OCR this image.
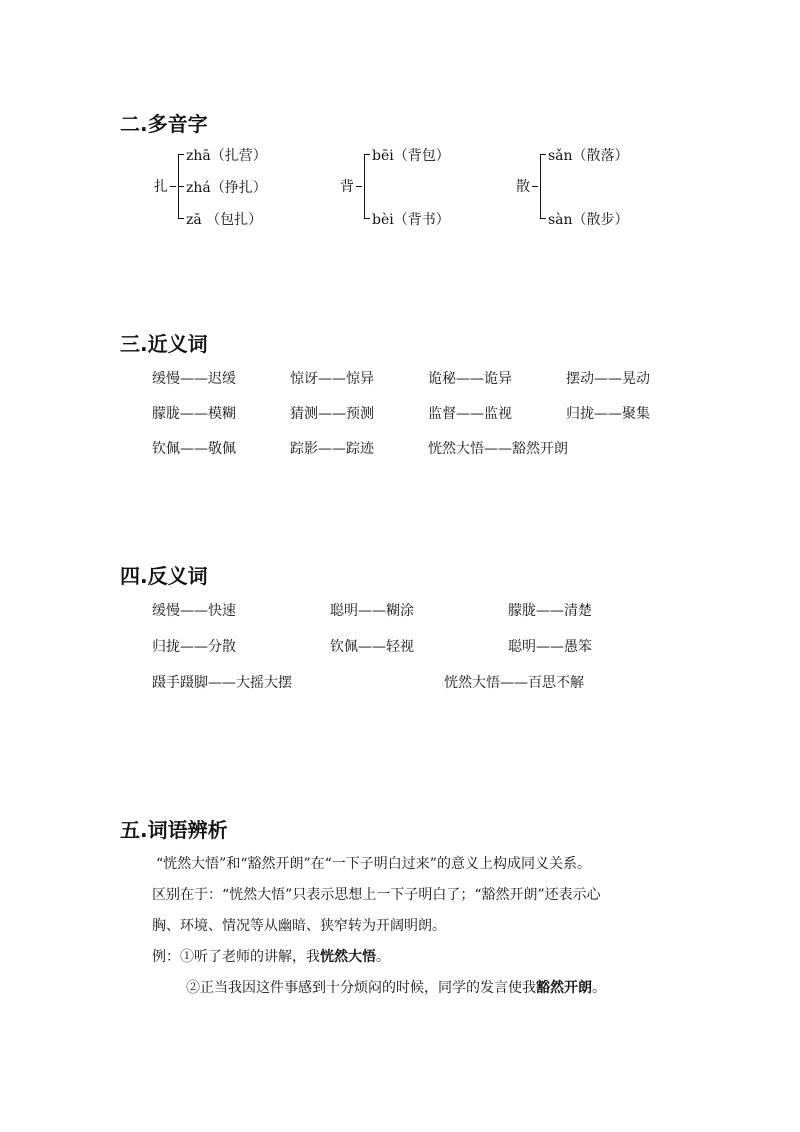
二.多音字
扎
zhā（扎营）
zhá（挣扎）
zā （包扎）
背
bēi（背包）
bèi（背书）
散
sǎn（散落）
sàn（散步）
三.近义词
缓慢——迟缓	惊讶——惊异	诡秘——诡异	摆动——晃动
朦胧——模糊	猜测——预测	监督——监视	归拢——聚集
钦佩——敬佩	踪影——踪迹	恍然大悟——豁然开朗
四.反义词
缓慢——快速	聪明——糊涂	朦胧——清楚
归拢——分散	钦佩——轻视	聪明——愚笨
蹑手蹑脚——大摇大摆	恍然大悟——百思不解
五.词语辨析
“恍然大悟”和“豁然开朗”在“一下子明白过来”的意义上构成同义关系。
区别在于：“恍然大悟”只表示思想上一下子明白了；“豁然开朗”还表示心
胸、环境、情况等从幽暗、狭窄转为开阔明朗。
例：①听了老师的讲解，我恍然大悟。
②正当我因这件事感到十分烦闷的时候，同学的发言使我豁然开朗。
